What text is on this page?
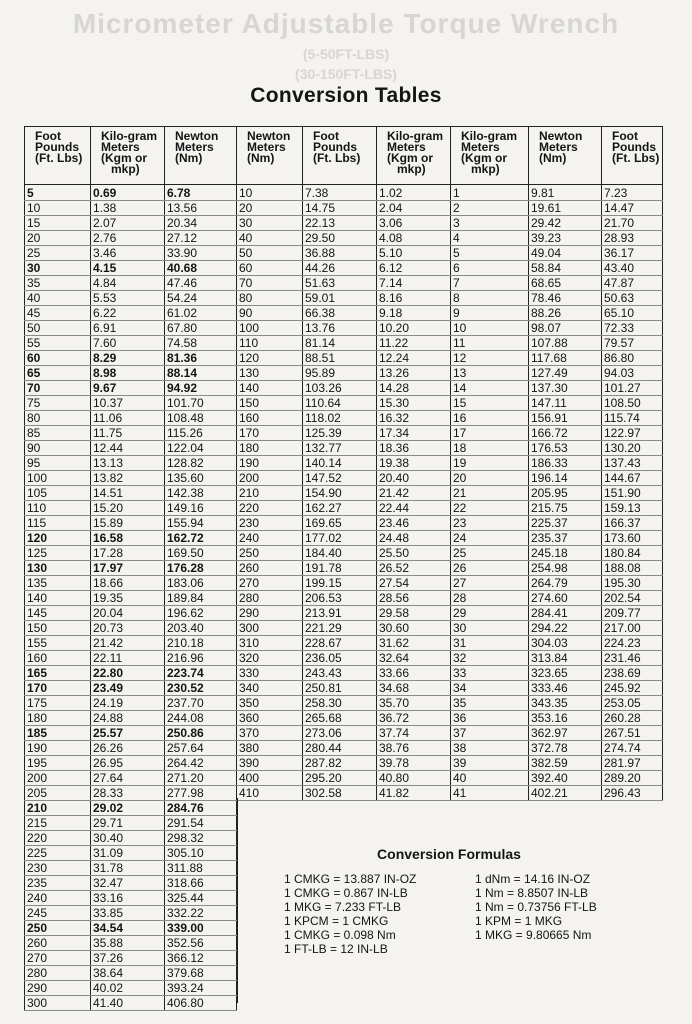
Micrometer Adjustable Torque Wrench
(5-50FT-LBS)
(30-150FT-LBS)
Conversion Tables
Foot
Pounds
(Ft. Lbs)	Kilo-gram
Meters
(Kgm or
mkp)	Newton
Meters
(Nm)	Newton
Meters
(Nm)	Foot
Pounds
(Ft. Lbs)	Kilo-gram
Meters
(Kgm or
mkp)	Kilo-gram
Meters
(Kgm or
mkp)	Newton
Meters
(Nm)	Foot
Pounds
(Ft. Lbs)

5	0.69	6.78	10	7.38	1.02	1	9.81	7.23
10	1.38	13.56	20	14.75	2.04	2	19.61	14.47
15	2.07	20.34	30	22.13	3.06	3	29.42	21.70
20	2.76	27.12	40	29.50	4.08	4	39.23	28.93
25	3.46	33.90	50	36.88	5.10	5	49.04	36.17
30	4.15	40.68	60	44.26	6.12	6	58.84	43.40
35	4.84	47.46	70	51.63	7.14	7	68.65	47.87
40	5.53	54.24	80	59.01	8.16	8	78.46	50.63
45	6.22	61.02	90	66.38	9.18	9	88.26	65.10
50	6.91	67.80	100	13.76	10.20	10	98.07	72.33
55	7.60	74.58	110	81.14	11.22	11	107.88	79.57
60	8.29	81.36	120	88.51	12.24	12	117.68	86.80
65	8.98	88.14	130	95.89	13.26	13	127.49	94.03
70	9.67	94.92	140	103.26	14.28	14	137.30	101.27
75	10.37	101.70	150	110.64	15.30	15	147.11	108.50
80	11.06	108.48	160	118.02	16.32	16	156.91	115.74
85	11.75	115.26	170	125.39	17.34	17	166.72	122.97
90	12.44	122.04	180	132.77	18.36	18	176.53	130.20
95	13.13	128.82	190	140.14	19.38	19	186.33	137.43
100	13.82	135.60	200	147.52	20.40	20	196.14	144.67
105	14.51	142.38	210	154.90	21.42	21	205.95	151.90
110	15.20	149.16	220	162.27	22.44	22	215.75	159.13
115	15.89	155.94	230	169.65	23.46	23	225.37	166.37
120	16.58	162.72	240	177.02	24.48	24	235.37	173.60
125	17.28	169.50	250	184.40	25.50	25	245.18	180.84
130	17.97	176.28	260	191.78	26.52	26	254.98	188.08
135	18.66	183.06	270	199.15	27.54	27	264.79	195.30
140	19.35	189.84	280	206.53	28.56	28	274.60	202.54
145	20.04	196.62	290	213.91	29.58	29	284.41	209.77
150	20.73	203.40	300	221.29	30.60	30	294.22	217.00
155	21.42	210.18	310	228.67	31.62	31	304.03	224.23
160	22.11	216.96	320	236.05	32.64	32	313.84	231.46
165	22.80	223.74	330	243.43	33.66	33	323.65	238.69
170	23.49	230.52	340	250.81	34.68	34	333.46	245.92
175	24.19	237.70	350	258.30	35.70	35	343.35	253.05
180	24.88	244.08	360	265.68	36.72	36	353.16	260.28
185	25.57	250.86	370	273.06	37.74	37	362.97	267.51
190	26.26	257.64	380	280.44	38.76	38	372.78	274.74
195	26.95	264.42	390	287.82	39.78	39	382.59	281.97
200	27.64	271.20	400	295.20	40.80	40	392.40	289.20
205	28.33	277.98	410	302.58	41.82	41	402.21	296.43
210	29.02	284.76						
215	29.71	291.54						
220	30.40	298.32						
225	31.09	305.10						
230	31.78	311.88						
235	32.47	318.66						
240	33.16	325.44						
245	33.85	332.22						
250	34.54	339.00						
260	35.88	352.56						
270	37.26	366.12						
280	38.64	379.68						
290	40.02	393.24						
300	41.40	406.80						
Conversion Formulas
1 CMKG = 13.887 IN-OZ
1 CMKG = 0.867 IN-LB
1 MKG = 7.233 FT-LB
1 KPCM = 1 CMKG
1 CMKG = 0.098 Nm
1 FT-LB = 12 IN-LB
1 dNm = 14.16 IN-OZ
1 Nm = 8.8507 IN-LB
1 Nm = 0.73756 FT-LB
1 KPM = 1 MKG
1 MKG = 9.80665 Nm
